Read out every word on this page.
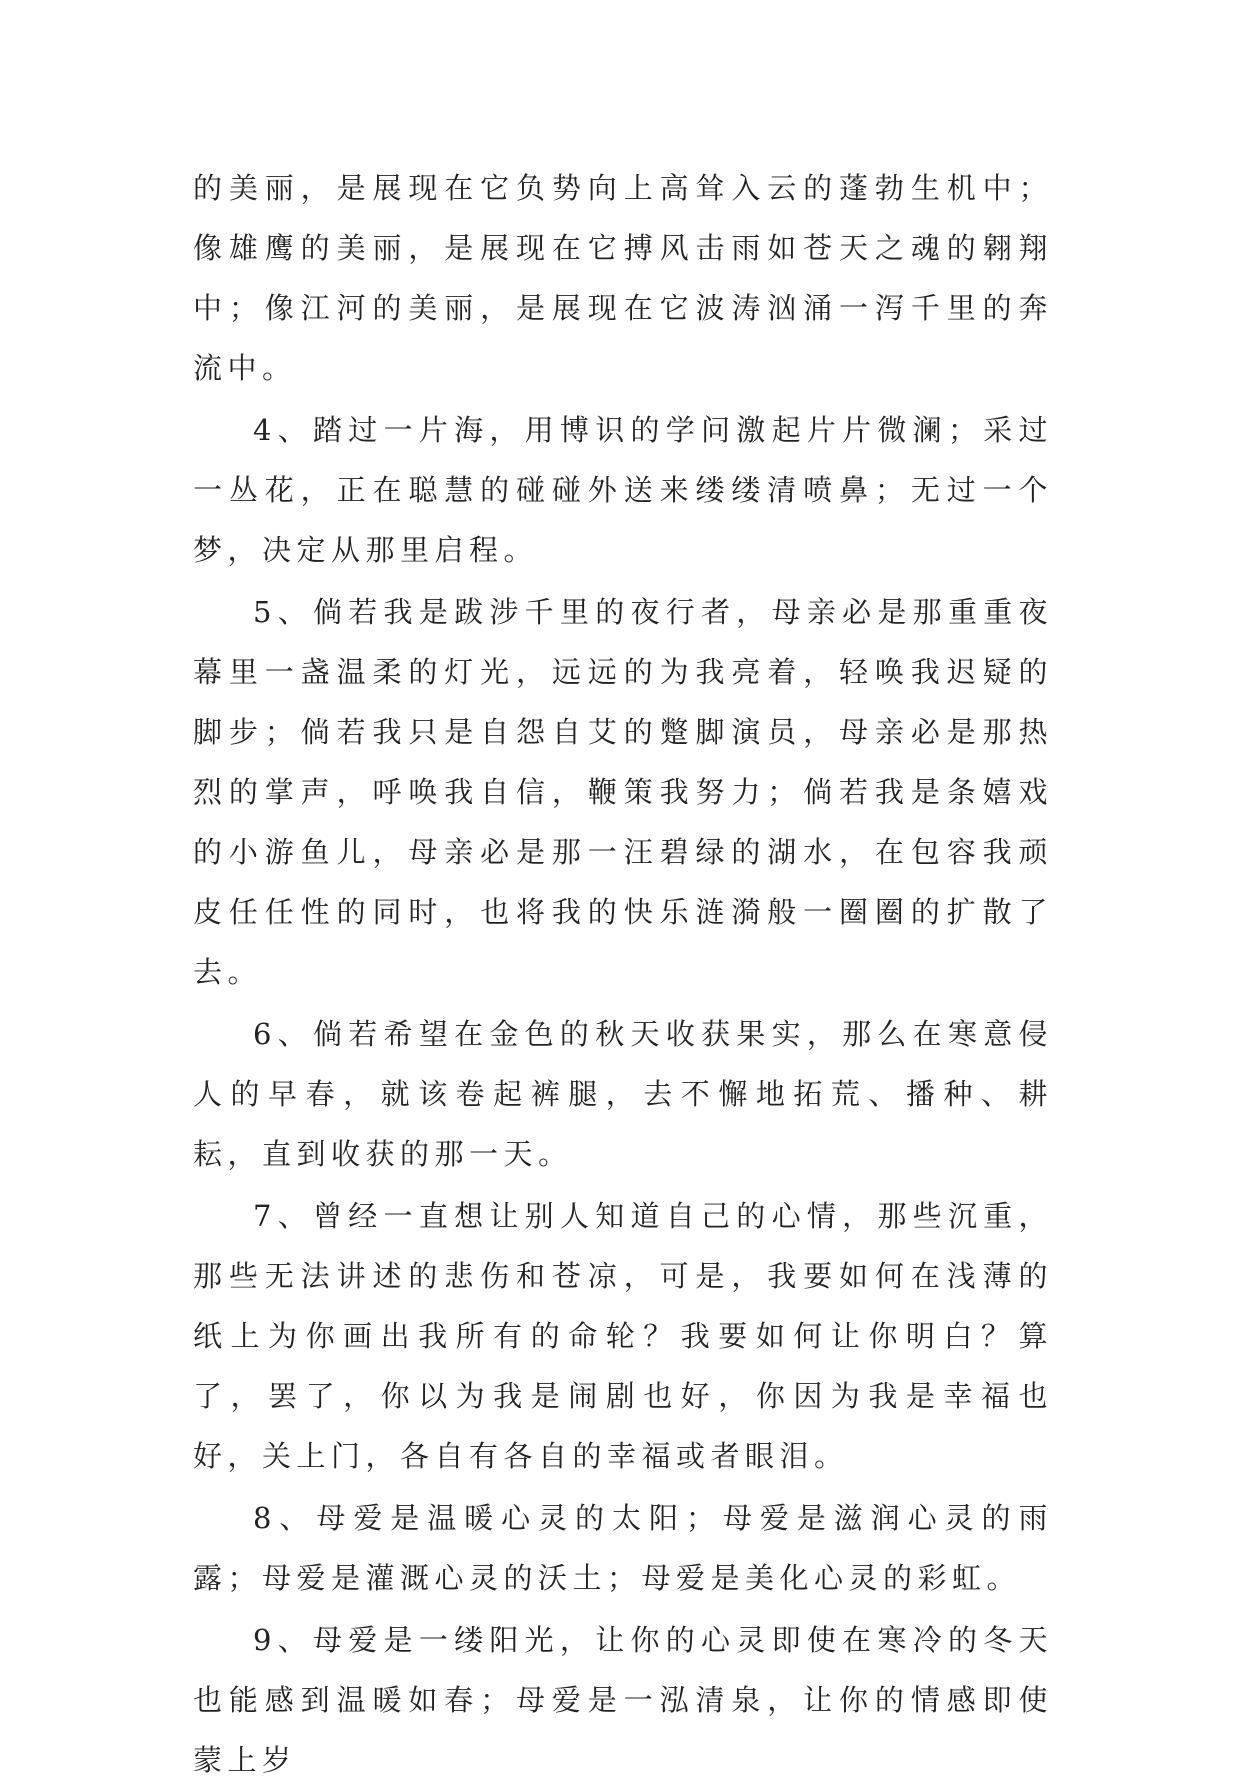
的美丽，是展现在它负势向上高耸入云的蓬勃生机中；像雄鹰的美丽，是展现在它搏风击雨如苍天之魂的翱翔中；像江河的美丽，是展现在它波涛汹涌一泻千里的奔流中。

4、踏过一片海，用博识的学问激起片片微澜；采过一丛花，正在聪慧的碰碰外送来缕缕清喷鼻；无过一个梦，决定从那里启程。

5、倘若我是跋涉千里的夜行者，母亲必是那重重夜幕里一盏温柔的灯光，远远的为我亮着，轻唤我迟疑的脚步；倘若我只是自怨自艾的蹩脚演员，母亲必是那热烈的掌声，呼唤我自信，鞭策我努力；倘若我是条嬉戏的小游鱼儿，母亲必是那一汪碧绿的湖水，在包容我顽皮任任性的同时，也将我的快乐涟漪般一圈圈的扩散了去。

6、倘若希望在金色的秋天收获果实，那么在寒意侵人的早春，就该卷起裤腿，去不懈地拓荒、播种、耕耘，直到收获的那一天。

7、曾经一直想让别人知道自己的心情，那些沉重，那些无法讲述的悲伤和苍凉，可是，我要如何在浅薄的纸上为你画出我所有的命轮？我要如何让你明白？算了，罢了，你以为我是闹剧也好，你因为我是幸福也好，关上门，各自有各自的幸福或者眼泪。

8、母爱是温暖心灵的太阳；母爱是滋润心灵的雨露；母爱是灌溉心灵的沃土；母爱是美化心灵的彩虹。

9、母爱是一缕阳光，让你的心灵即使在寒冷的冬天也能感到温暖如春；母爱是一泓清泉，让你的情感即使蒙上岁
